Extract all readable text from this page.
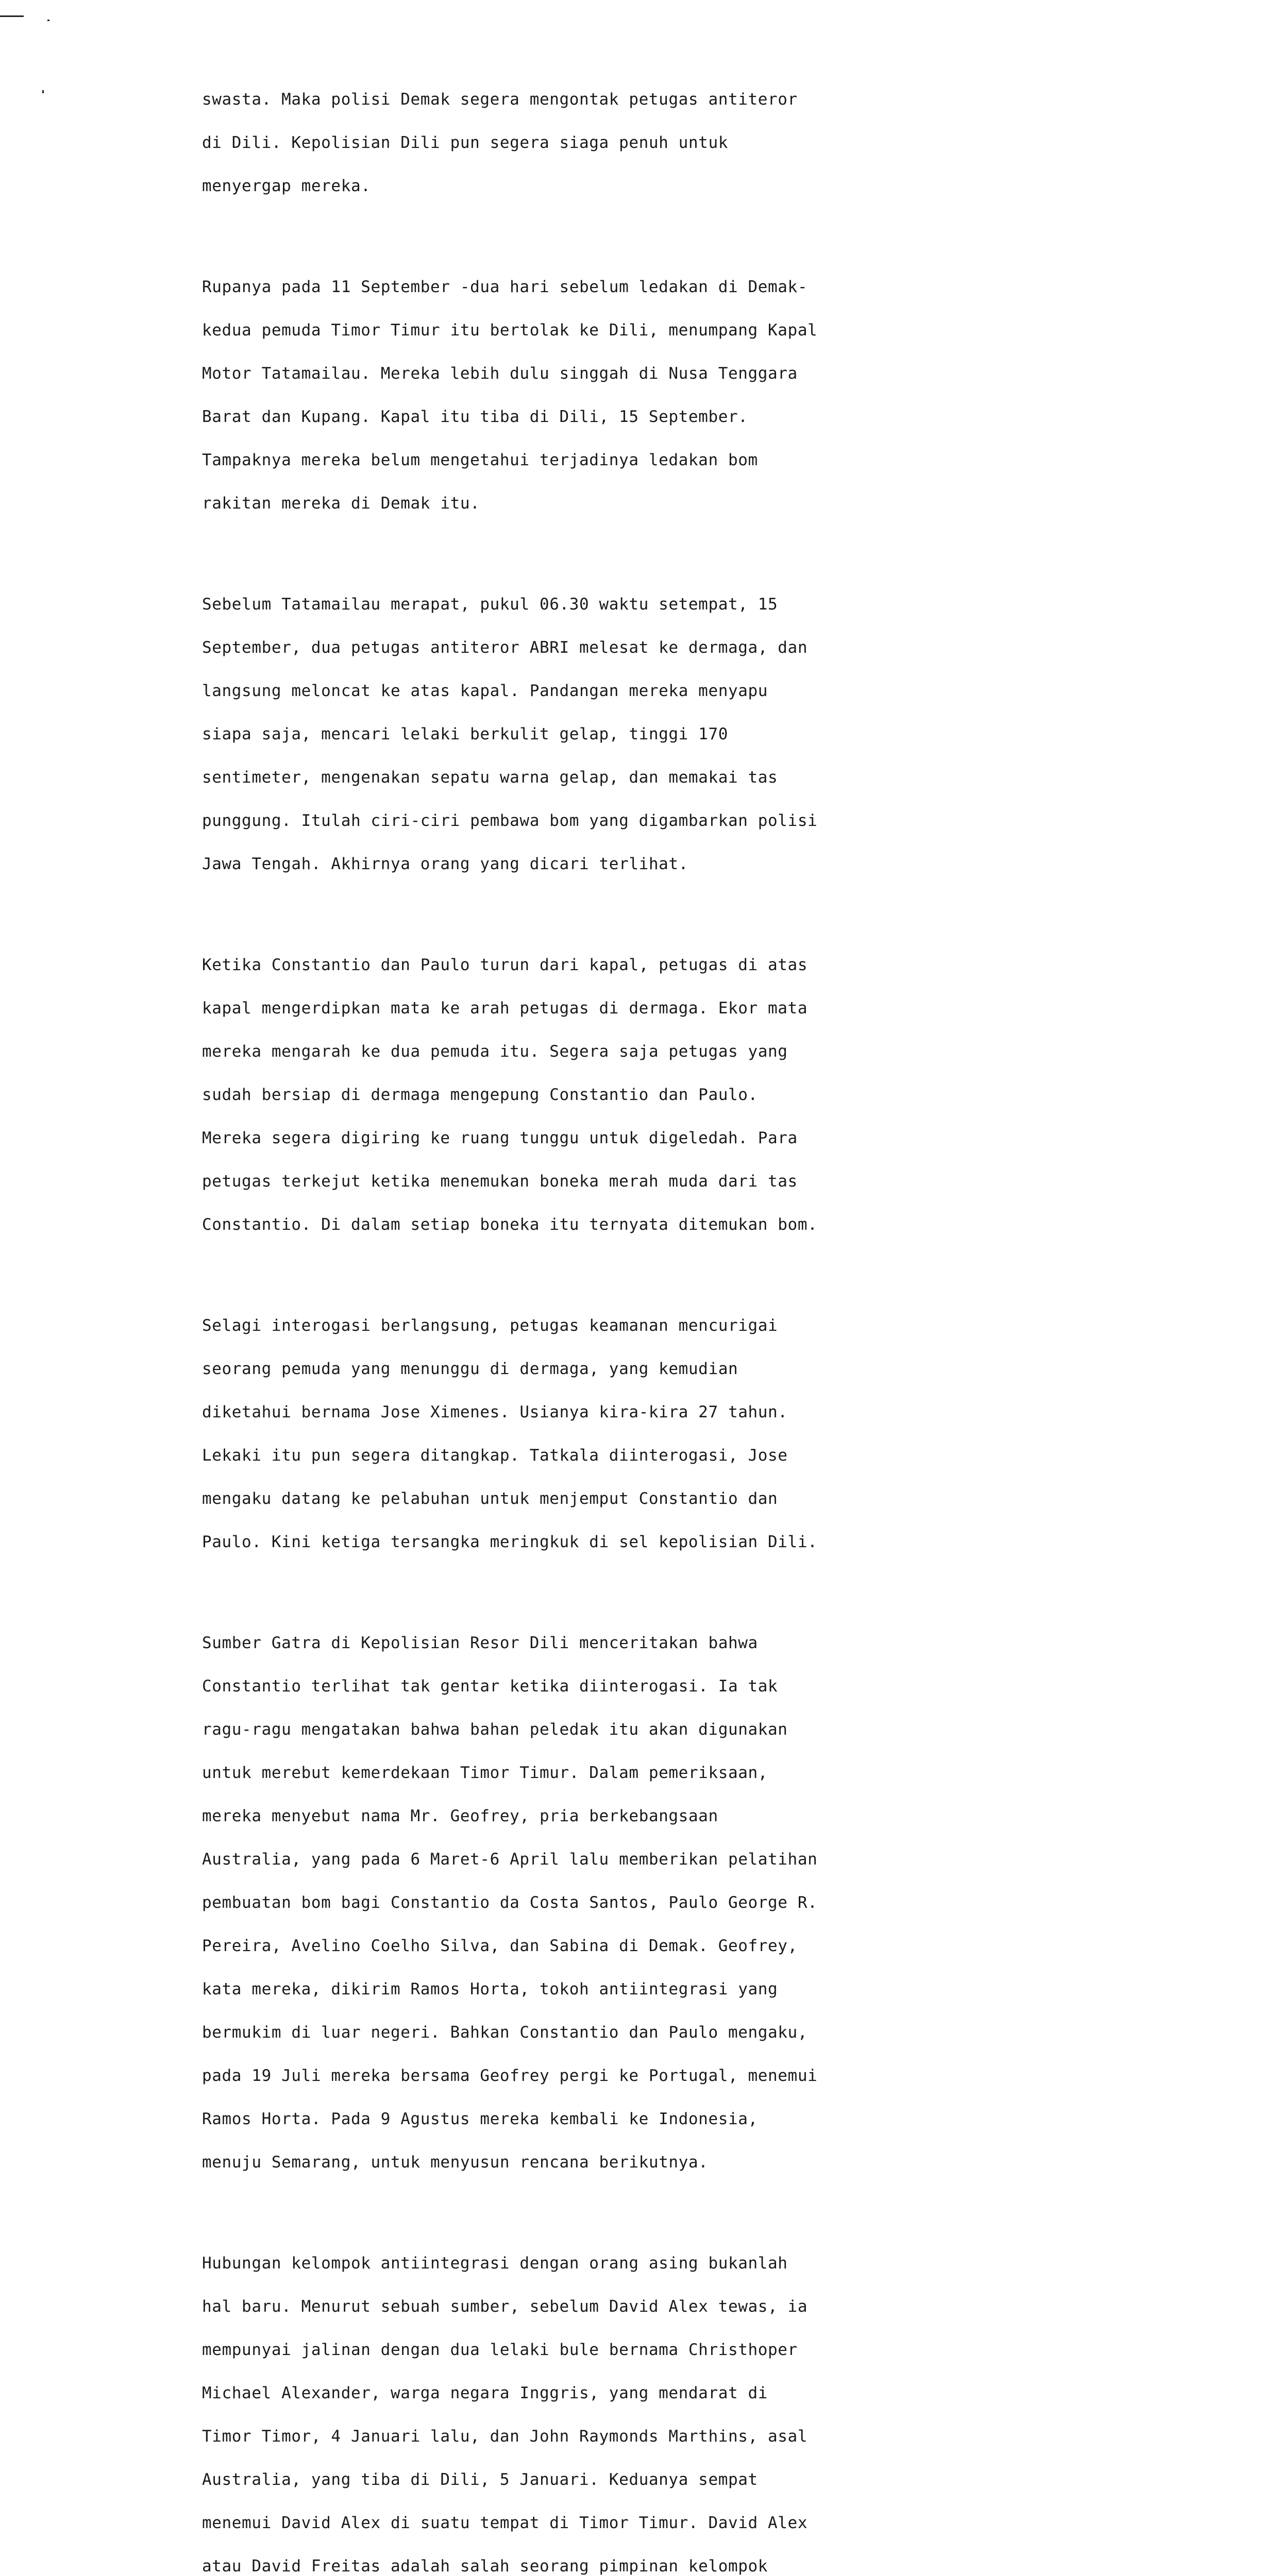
swasta. Maka polisi Demak segera mengontak petugas antiteror

di Dili. Kepolisian Dili pun segera siaga penuh untuk

menyergap mereka.

Rupanya pada 11 September -dua hari sebelum ledakan di Demak-

kedua pemuda Timor Timur itu bertolak ke Dili, menumpang Kapal

Motor Tatamailau. Mereka lebih dulu singgah di Nusa Tenggara

Barat dan Kupang. Kapal itu tiba di Dili, 15 September.

Tampaknya mereka belum mengetahui terjadinya ledakan bom

rakitan mereka di Demak itu.

Sebelum Tatamailau merapat, pukul 06.30 waktu setempat, 15

September, dua petugas antiteror ABRI melesat ke dermaga, dan

langsung meloncat ke atas kapal. Pandangan mereka menyapu

siapa saja, mencari lelaki berkulit gelap, tinggi 170

sentimeter, mengenakan sepatu warna gelap, dan memakai tas

punggung. Itulah ciri-ciri pembawa bom yang digambarkan polisi

Jawa Tengah. Akhirnya orang yang dicari terlihat.

Ketika Constantio dan Paulo turun dari kapal, petugas di atas

kapal mengerdipkan mata ke arah petugas di dermaga. Ekor mata

mereka mengarah ke dua pemuda itu. Segera saja petugas yang

sudah bersiap di dermaga mengepung Constantio dan Paulo.

Mereka segera digiring ke ruang tunggu untuk digeledah. Para

petugas terkejut ketika menemukan boneka merah muda dari tas

Constantio. Di dalam setiap boneka itu ternyata ditemukan bom.

Selagi interogasi berlangsung, petugas keamanan mencurigai

seorang pemuda yang menunggu di dermaga, yang kemudian

diketahui bernama Jose Ximenes. Usianya kira-kira 27 tahun.

Lekaki itu pun segera ditangkap. Tatkala diinterogasi, Jose

mengaku datang ke pelabuhan untuk menjemput Constantio dan

Paulo. Kini ketiga tersangka meringkuk di sel kepolisian Dili.

Sumber Gatra di Kepolisian Resor Dili menceritakan bahwa

Constantio terlihat tak gentar ketika diinterogasi. Ia tak

ragu-ragu mengatakan bahwa bahan peledak itu akan digunakan

untuk merebut kemerdekaan Timor Timur. Dalam pemeriksaan,

mereka menyebut nama Mr. Geofrey, pria berkebangsaan

Australia, yang pada 6 Maret-6 April lalu memberikan pelatihan

pembuatan bom bagi Constantio da Costa Santos, Paulo George R.

Pereira, Avelino Coelho Silva, dan Sabina di Demak. Geofrey,

kata mereka, dikirim Ramos Horta, tokoh antiintegrasi yang

bermukim di luar negeri. Bahkan Constantio dan Paulo mengaku,

pada 19 Juli mereka bersama Geofrey pergi ke Portugal, menemui

Ramos Horta. Pada 9 Agustus mereka kembali ke Indonesia,

menuju Semarang, untuk menyusun rencana berikutnya.

Hubungan kelompok antiintegrasi dengan orang asing bukanlah

hal baru. Menurut sebuah sumber, sebelum David Alex tewas, ia

mempunyai jalinan dengan dua lelaki bule bernama Christhoper

Michael Alexander, warga negara Inggris, yang mendarat di

Timor Timor, 4 Januari lalu, dan John Raymonds Marthins, asal

Australia, yang tiba di Dili, 5 Januari. Keduanya sempat

menemui David Alex di suatu tempat di Timor Timur. David Alex

atau David Freitas adalah salah seorang pimpinan kelompok
